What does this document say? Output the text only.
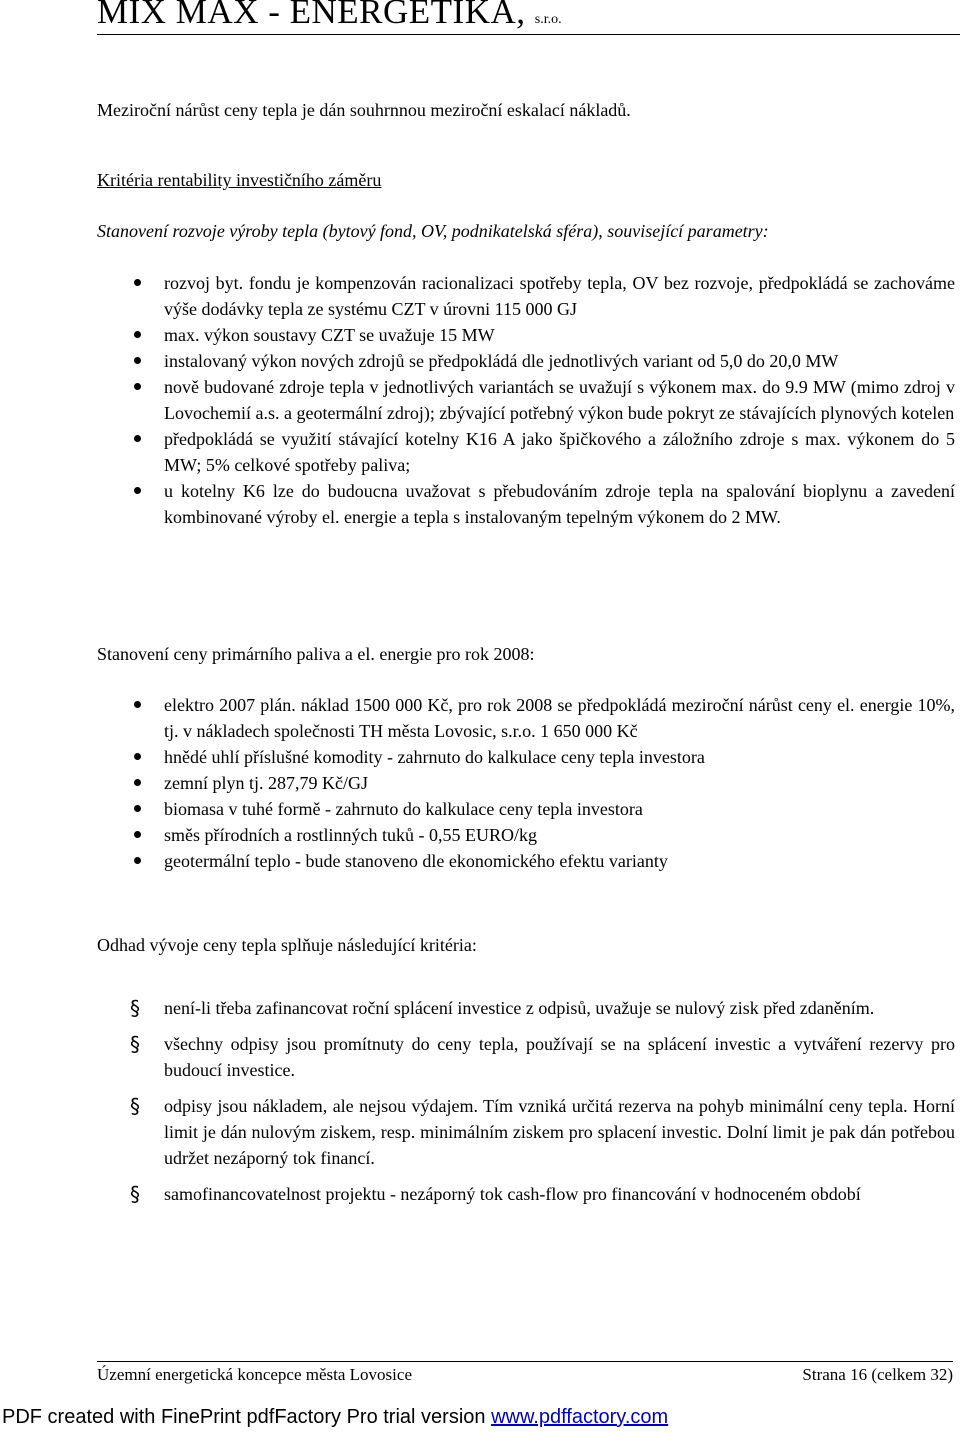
MIX MAX - ENERGETIKA, s.r.o.
Meziroční nárůst ceny tepla je dán souhrnnou meziroční eskalací nákladů.
Kritéria rentability investičního záměru
Stanovení rozvoje výroby tepla (bytový fond, OV, podnikatelská sféra), související parametry:
rozvoj byt. fondu je kompenzován racionalizaci spotřeby tepla, OV bez rozvoje, předpokládá se zachováme výše dodávky tepla ze systému CZT v úrovni 115 000 GJ
max. výkon soustavy CZT se uvažuje 15 MW
instalovaný výkon nových zdrojů se předpokládá dle jednotlivých variant od 5,0 do 20,0 MW
nově budované zdroje tepla v jednotlivých variantách se uvažují s výkonem max. do 9.9 MW (mimo zdroj v Lovochemií a.s. a geotermální zdroj); zbývající potřebný výkon bude pokryt ze stávajících plynových kotelen
předpokládá se využití stávající kotelny K16 A jako špičkového a záložního zdroje s max. výkonem do 5 MW; 5% celkové spotřeby paliva;
u kotelny K6 lze do budoucna uvažovat s přebudováním zdroje tepla na spalování bioplynu a zavedení kombinované výroby el. energie a tepla s instalovaným tepelným výkonem do 2 MW.
Stanovení ceny primárního paliva a el. energie pro rok 2008:
elektro 2007 plán. náklad 1500 000 Kč, pro rok 2008 se předpokládá meziroční nárůst ceny el. energie 10%, tj. v nákladech společnosti TH města Lovosic, s.r.o. 1 650 000 Kč
hnědé uhlí příslušné komodity - zahrnuto do kalkulace ceny tepla investora
zemní plyn tj. 287,79 Kč/GJ
biomasa v tuhé formě - zahrnuto do kalkulace ceny tepla investora
směs přírodních a rostlinných tuků - 0,55 EURO/kg
geotermální teplo - bude stanoveno dle ekonomického efektu varianty
Odhad vývoje ceny tepla splňuje následující kritéria:
§ není-li třeba zafinancovat roční splácení investice z odpisů, uvažuje se nulový zisk před zdaněním.
§ všechny odpisy jsou promítnuty do ceny tepla, používají se na splácení investic a vytváření rezervy pro budoucí investice.
§ odpisy jsou nákladem, ale nejsou výdajem. Tím vzniká určitá rezerva na pohyb minimální ceny tepla. Horní limit je dán nulovým ziskem, resp. minimálním ziskem pro splacení investic. Dolní limit je pak dán potřebou udržet nezáporný tok financí.
§ samofinancovatelnost projektu - nezáporný tok cash-flow pro financování v hodnoceném období
Územní energetická koncepce města Lovosice	Strana 16 (celkem 32)
PDF created with FinePrint pdfFactory Pro trial version www.pdffactory.com
